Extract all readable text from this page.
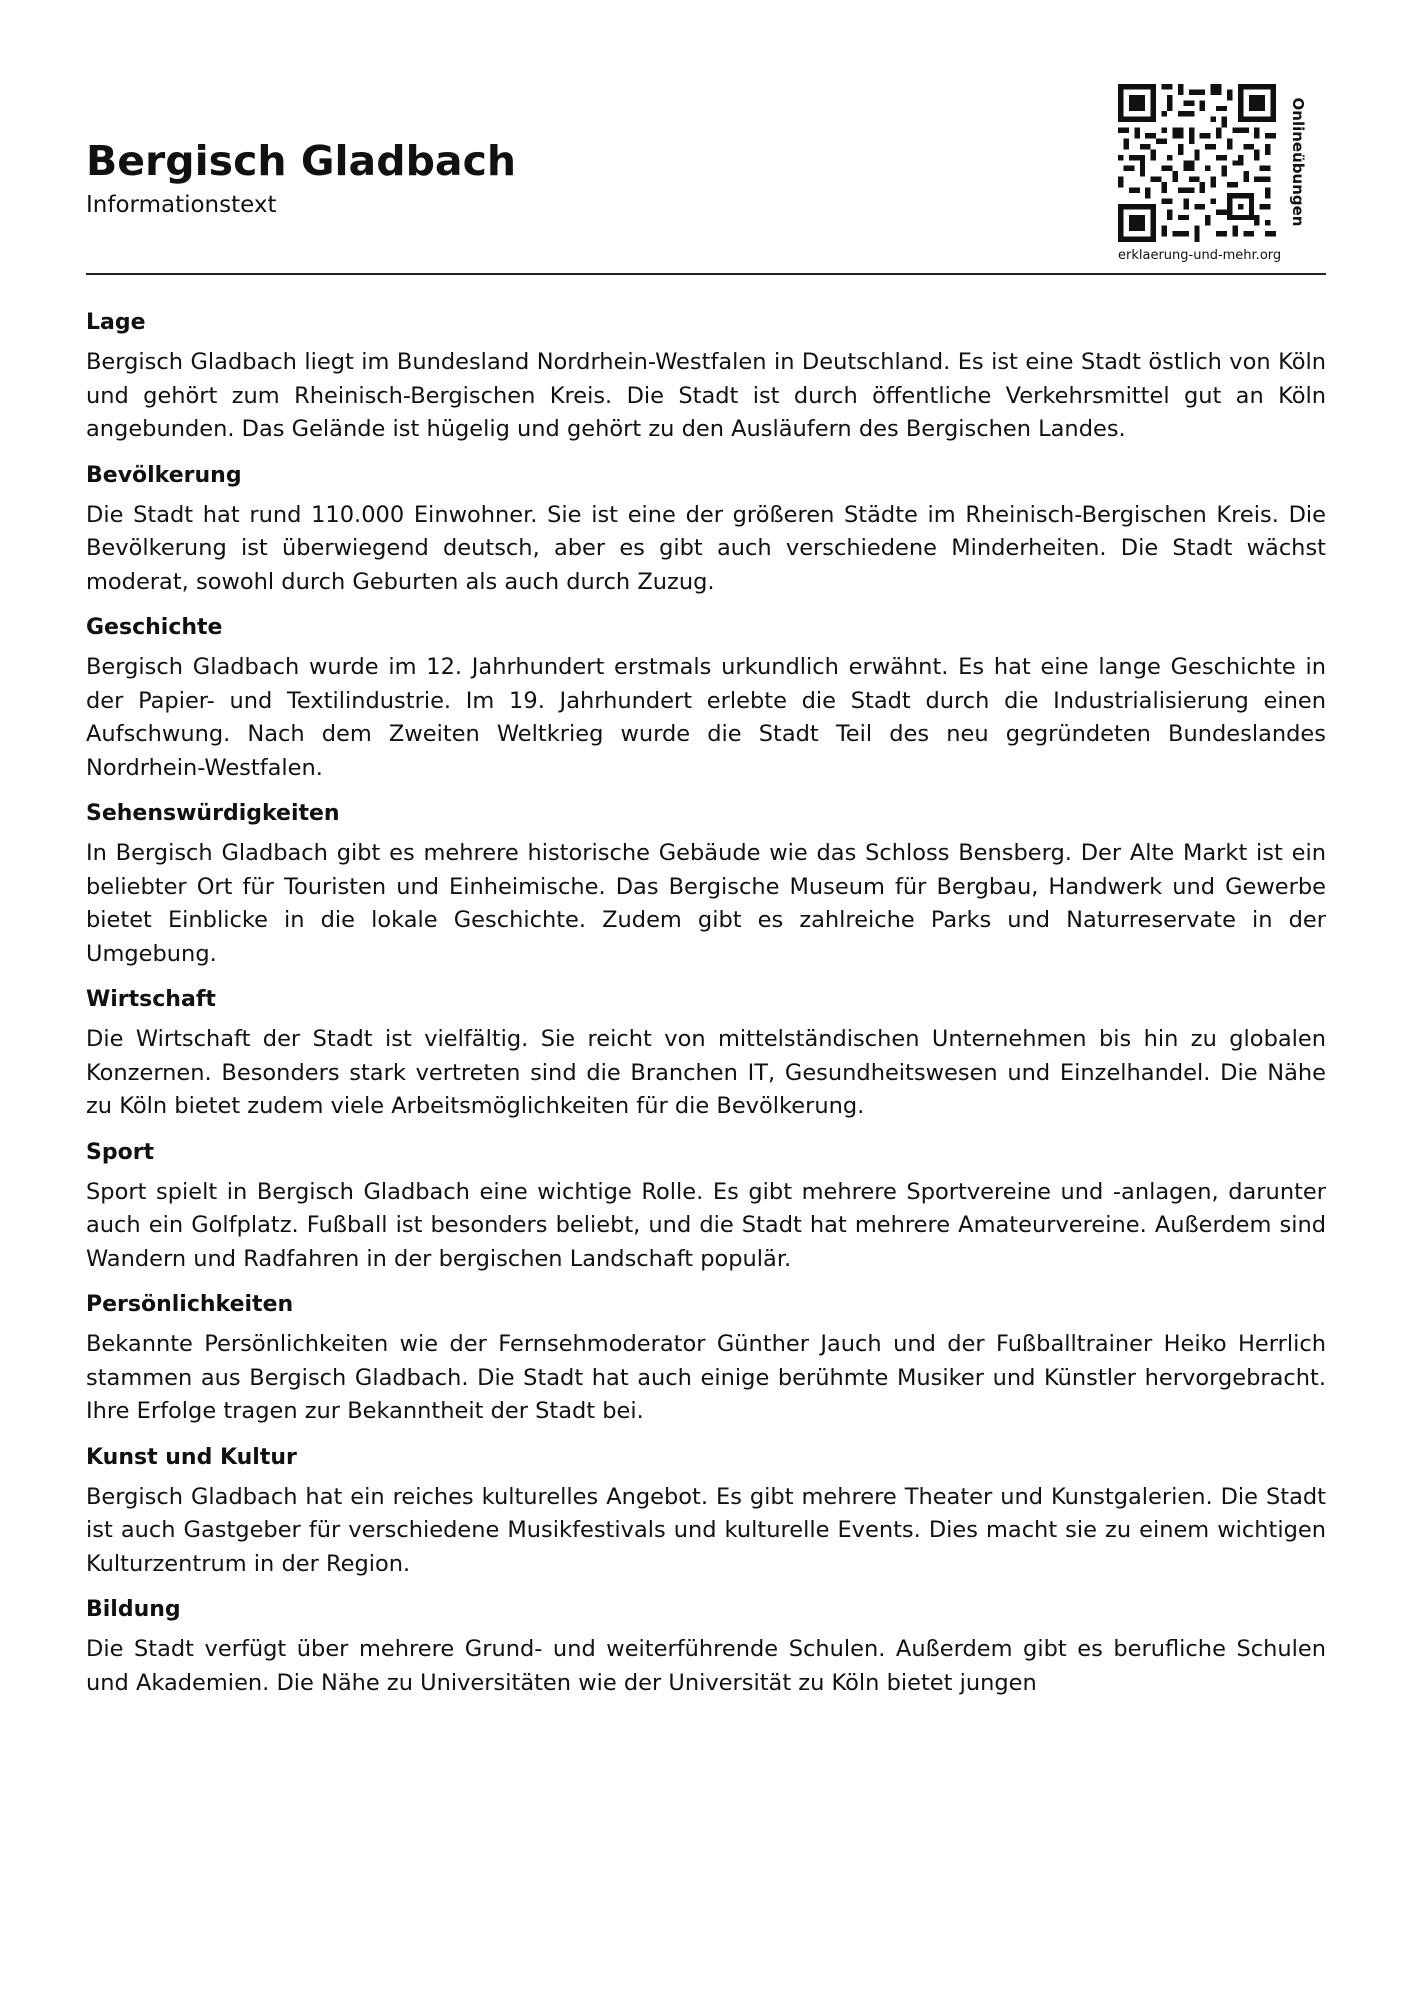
Bergisch Gladbach
Informationstext
erklaerung-und-mehr.org
Onlineübungen
Lage

Bergisch Gladbach liegt im Bundesland Nordrhein-Westfalen in Deutschland. Es ist eine Stadt östlich von Köln und gehört zum Rheinisch-Bergischen Kreis. Die Stadt ist durch öffentliche Verkehrsmittel gut an Köln angebunden. Das Gelände ist hügelig und gehört zu den Ausläufern des Bergischen Landes.

Bevölkerung

Die Stadt hat rund 110.000 Einwohner. Sie ist eine der größeren Städte im Rheinisch-Bergischen Kreis. Die Bevölkerung ist überwiegend deutsch, aber es gibt auch verschiedene Minderheiten. Die Stadt wächst moderat, sowohl durch Geburten als auch durch Zuzug.

Geschichte

Bergisch Gladbach wurde im 12. Jahrhundert erstmals urkundlich erwähnt. Es hat eine lange Geschichte in der Papier- und Textilindustrie. Im 19. Jahrhundert erlebte die Stadt durch die Industrialisierung einen Aufschwung. Nach dem Zweiten Weltkrieg wurde die Stadt Teil des neu gegründeten Bundeslandes Nordrhein-Westfalen.

Sehenswürdigkeiten

In Bergisch Gladbach gibt es mehrere historische Gebäude wie das Schloss Bensberg. Der Alte Markt ist ein beliebter Ort für Touristen und Einheimische. Das Bergische Museum für Bergbau, Handwerk und Gewerbe bietet Einblicke in die lokale Geschichte. Zudem gibt es zahlreiche Parks und Naturreservate in der Umgebung.

Wirtschaft

Die Wirtschaft der Stadt ist vielfältig. Sie reicht von mittelständischen Unternehmen bis hin zu globalen Konzernen. Besonders stark vertreten sind die Branchen IT, Gesundheitswesen und Einzelhandel. Die Nähe zu Köln bietet zudem viele Arbeitsmöglichkeiten für die Bevölkerung.

Sport

Sport spielt in Bergisch Gladbach eine wichtige Rolle. Es gibt mehrere Sportvereine und -anlagen, darunter auch ein Golfplatz. Fußball ist besonders beliebt, und die Stadt hat mehrere Amateurvereine. Außerdem sind Wandern und Radfahren in der bergischen Landschaft populär.

Persönlichkeiten

Bekannte Persönlichkeiten wie der Fernsehmoderator Günther Jauch und der Fußballtrainer Heiko Herrlich stammen aus Bergisch Gladbach. Die Stadt hat auch einige berühmte Musiker und Künstler hervorgebracht. Ihre Erfolge tragen zur Bekanntheit der Stadt bei.

Kunst und Kultur

Bergisch Gladbach hat ein reiches kulturelles Angebot. Es gibt mehrere Theater und Kunstgalerien. Die Stadt ist auch Gastgeber für verschiedene Musikfestivals und kulturelle Events. Dies macht sie zu einem wichtigen Kulturzentrum in der Region.

Bildung

Die Stadt verfügt über mehrere Grund- und weiterführende Schulen. Außerdem gibt es berufliche Schulen und Akademien. Die Nähe zu Universitäten wie der Universität zu Köln bietet jungen
